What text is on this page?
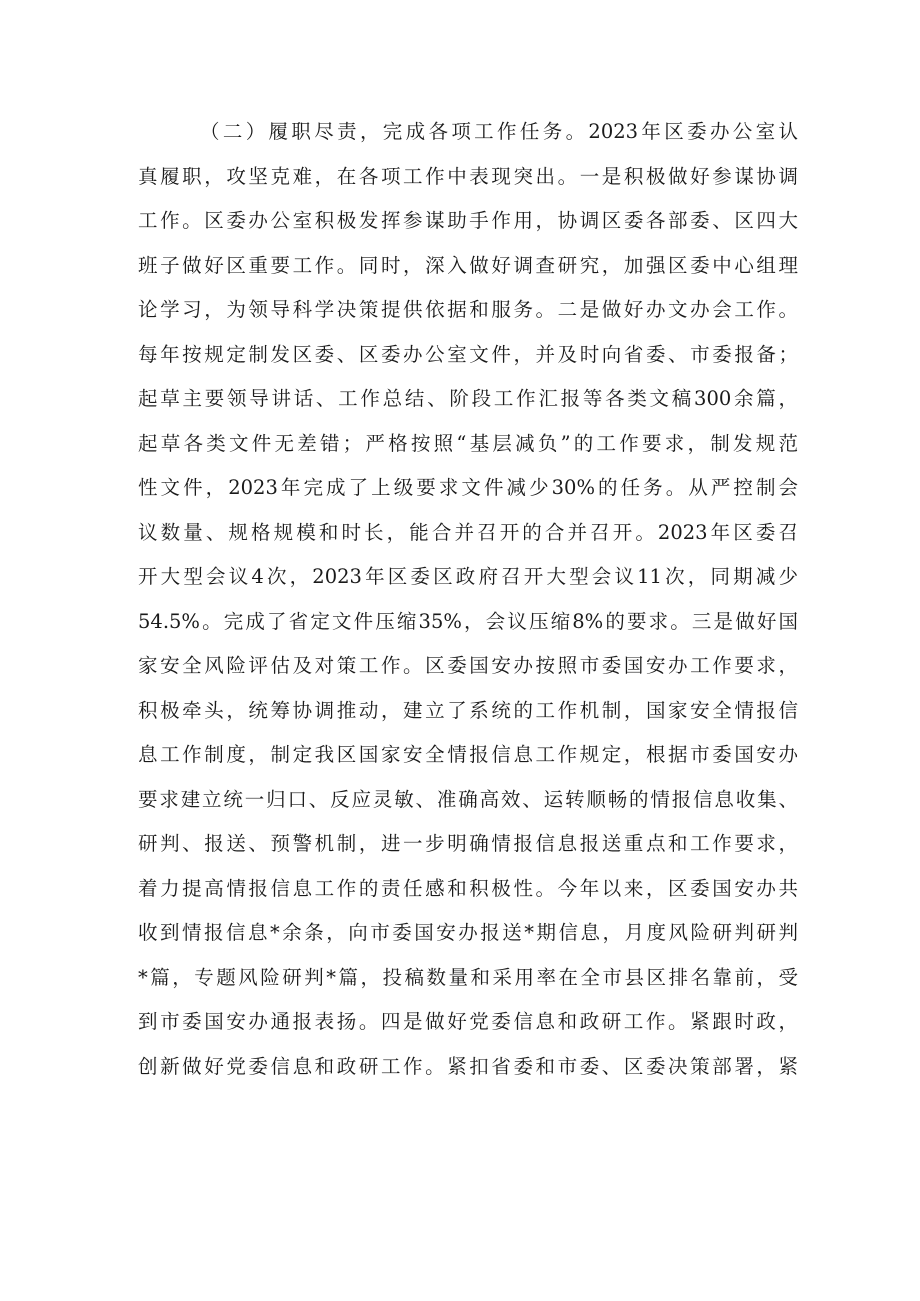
（二）履职尽责，完成各项工作任务。2023年区委办公室认
真履职，攻坚克难，在各项工作中表现突出。一是积极做好参谋协调
工作。区委办公室积极发挥参谋助手作用，协调区委各部委、区四大
班子做好区重要工作。同时，深入做好调查研究，加强区委中心组理
论学习，为领导科学决策提供依据和服务。二是做好办文办会工作。
每年按规定制发区委、区委办公室文件，并及时向省委、市委报备；
起草主要领导讲话、工作总结、阶段工作汇报等各类文稿300余篇，
起草各类文件无差错；严格按照“基层减负”的工作要求，制发规范
性文件，2023年完成了上级要求文件减少30%的任务。从严控制会
议数量、规格规模和时长，能合并召开的合并召开。2023年区委召
开大型会议4次，2023年区委区政府召开大型会议11次，同期减少
54.5%。完成了省定文件压缩35%，会议压缩8%的要求。三是做好国
家安全风险评估及对策工作。区委国安办按照市委国安办工作要求，
积极牵头，统筹协调推动，建立了系统的工作机制，国家安全情报信
息工作制度，制定我区国家安全情报信息工作规定，根据市委国安办
要求建立统一归口、反应灵敏、准确高效、运转顺畅的情报信息收集、
研判、报送、预警机制，进一步明确情报信息报送重点和工作要求，
着力提高情报信息工作的责任感和积极性。今年以来，区委国安办共
收到情报信息*余条，向市委国安办报送*期信息，月度风险研判研判
*篇，专题风险研判*篇，投稿数量和采用率在全市县区排名靠前，受
到市委国安办通报表扬。四是做好党委信息和政研工作。紧跟时政，
创新做好党委信息和政研工作。紧扣省委和市委、区委决策部署，紧
